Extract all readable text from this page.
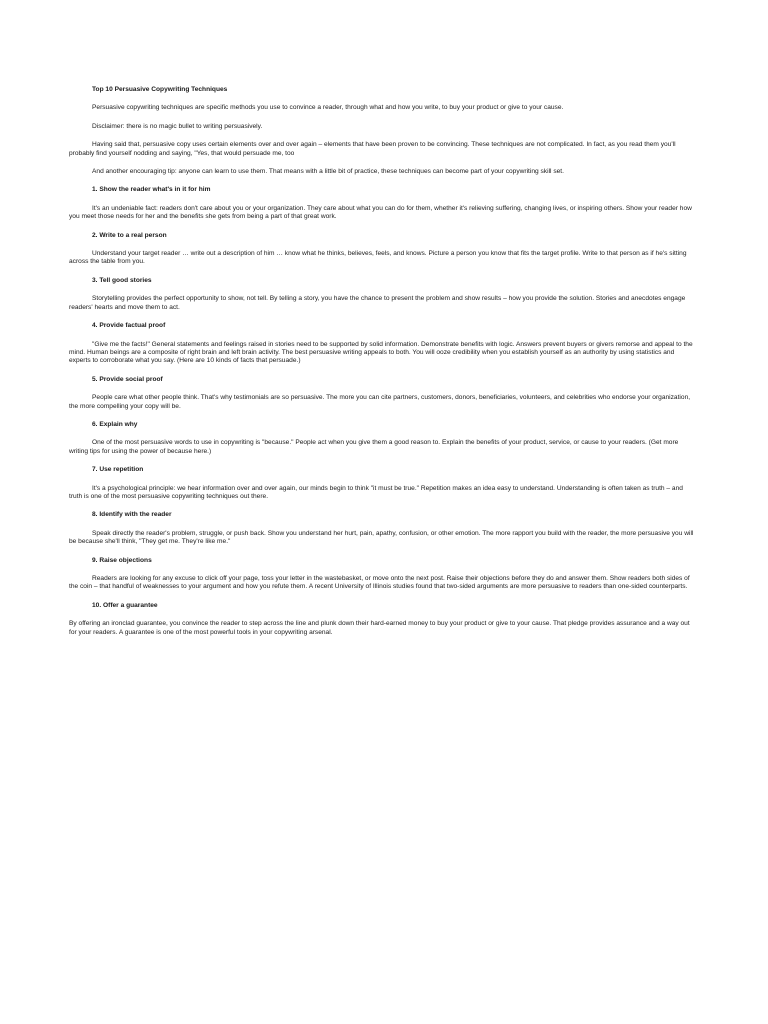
Top 10 Persuasive Copywriting Techniques

Persuasive copywriting techniques are specific methods you use to convince a reader, through what and how you write, to buy your product or give to your cause.

Disclaimer: there is no magic bullet to writing persuasively.

Having said that, persuasive copy uses certain elements over and over again – elements that have been proven to be convincing. These techniques are not complicated. In fact, as you read them you'll probably find yourself nodding and saying, "Yes, that would persuade me, too

And another encouraging tip: anyone can learn to use them. That means with a little bit of practice, these techniques can become part of your copywriting skill set.

1. Show the reader what's in it for him

It's an undeniable fact: readers don't care about you or your organization. They care about what you can do for them, whether it's relieving suffering, changing lives, or inspiring others. Show your reader how you meet those needs for her and the benefits she gets from being a part of that great work.

2. Write to a real person

Understand your target reader … write out a description of him … know what he thinks, believes, feels, and knows. Picture a person you know that fits the target profile. Write to that person as if he's sitting across the table from you.

3. Tell good stories

Storytelling provides the perfect opportunity to show, not tell. By telling a story, you have the chance to present the problem and show results – how you provide the solution. Stories and anecdotes engage readers' hearts and move them to act.

4. Provide factual proof

"Give me the facts!" General statements and feelings raised in stories need to be supported by solid information. Demonstrate benefits with logic. Answers prevent buyers or givers remorse and appeal to the mind. Human beings are a composite of right brain and left brain activity. The best persuasive writing appeals to both. You will ooze credibility when you establish yourself as an authority by using statistics and experts to corroborate what you say. (Here are 10 kinds of facts that persuade.)

5. Provide social proof

People care what other people think. That's why testimonials are so persuasive. The more you can cite partners, customers, donors, beneficiaries, volunteers, and celebrities who endorse your organization, the more compelling your copy will be.

6. Explain why

One of the most persuasive words to use in copywriting is "because." People act when you give them a good reason to. Explain the benefits of your product, service, or cause to your readers. (Get more writing tips for using the power of because here.)

7. Use repetition

It's a psychological principle: we hear information over and over again, our minds begin to think "it must be true." Repetition makes an idea easy to understand. Understanding is often taken as truth – and truth is one of the most persuasive copywriting techniques out there.

8. Identify with the reader

Speak directly the reader's problem, struggle, or push back. Show you understand her hurt, pain, apathy, confusion, or other emotion. The more rapport you build with the reader, the more persuasive you will be because she'll think, "They get me. They're like me."

9. Raise objections

Readers are looking for any excuse to click off your page, toss your letter in the wastebasket, or move onto the next post. Raise their objections before they do and answer them. Show readers both sides of the coin – that handful of weaknesses to your argument and how you refute them. A recent University of Illinois studies found that two-sided arguments are more persuasive to readers than one-sided counterparts.

10. Offer a guarantee

By offering an ironclad guarantee, you convince the reader to step across the line and plunk down their hard-earned money to buy your product or give to your cause. That pledge provides assurance and a way out for your readers. A guarantee is one of the most powerful tools in your copywriting arsenal.
